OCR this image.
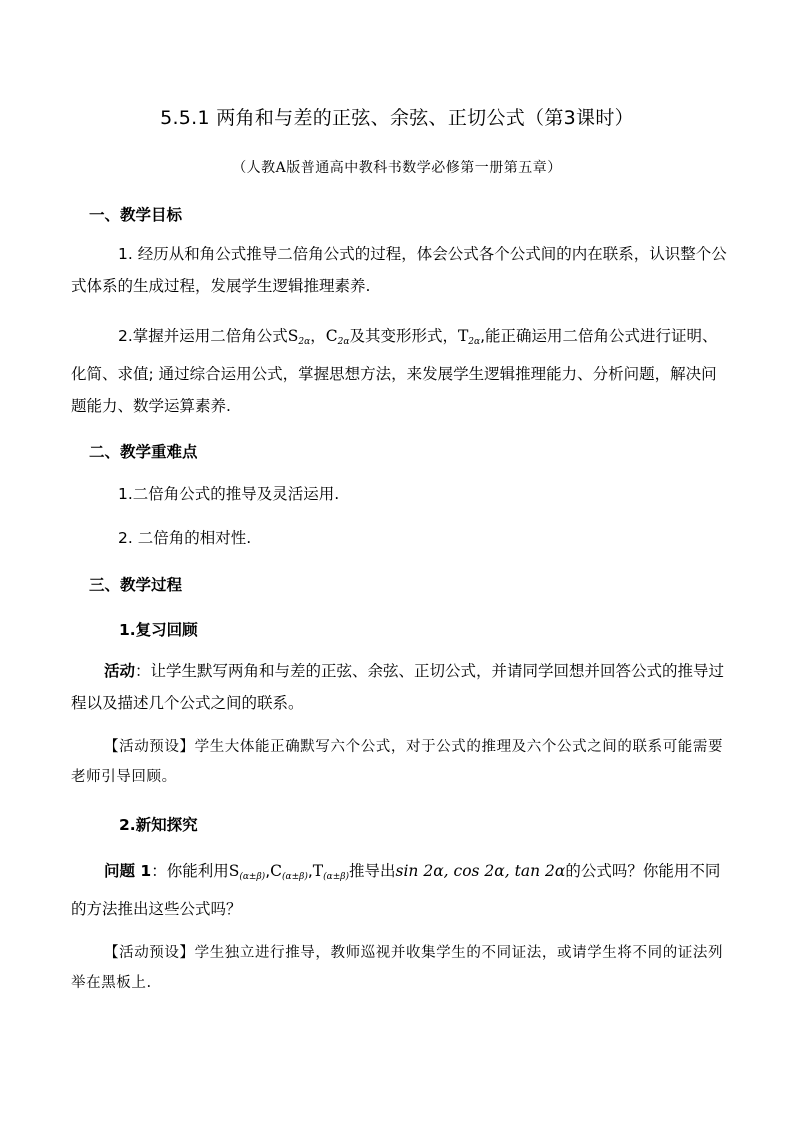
5.5.1 两角和与差的正弦、余弦、正切公式（第3课时）
（人教A版普通高中教科书数学必修第一册第五章）
一、教学目标
1. 经历从和角公式推导二倍角公式的过程，体会公式各个公式间的内在联系，认识整个公式体系的生成过程，发展学生逻辑推理素养.
2.掌握并运用二倍角公式$S_{2\alpha}$，$C_{2\alpha}$及其变形形式，$T_{2\alpha}$,能正确运用二倍角公式进行证明、化简、求值; 通过综合运用公式，掌握思想方法，来发展学生逻辑推理能力、分析问题，解决问题能力、数学运算素养.
二、教学重难点
1.二倍角公式的推导及灵活运用.
2. 二倍角的相对性.
三、教学过程
1.复习回顾
活动：让学生默写两角和与差的正弦、余弦、正切公式，并请同学回想并回答公式的推导过程以及描述几个公式之间的联系。
【活动预设】学生大体能正确默写六个公式，对于公式的推理及六个公式之间的联系可能需要老师引导回顾。
2.新知探究
问题 1：你能利用$S_{(\alpha\pm\beta)},C_{(\alpha\pm\beta)},T_{(\alpha\pm\beta)}$推导出sin 2α, cos 2α, tan 2α的公式吗？你能用不同的方法推出这些公式吗？
【活动预设】学生独立进行推导，教师巡视并收集学生的不同证法，或请学生将不同的证法列举在黑板上.
